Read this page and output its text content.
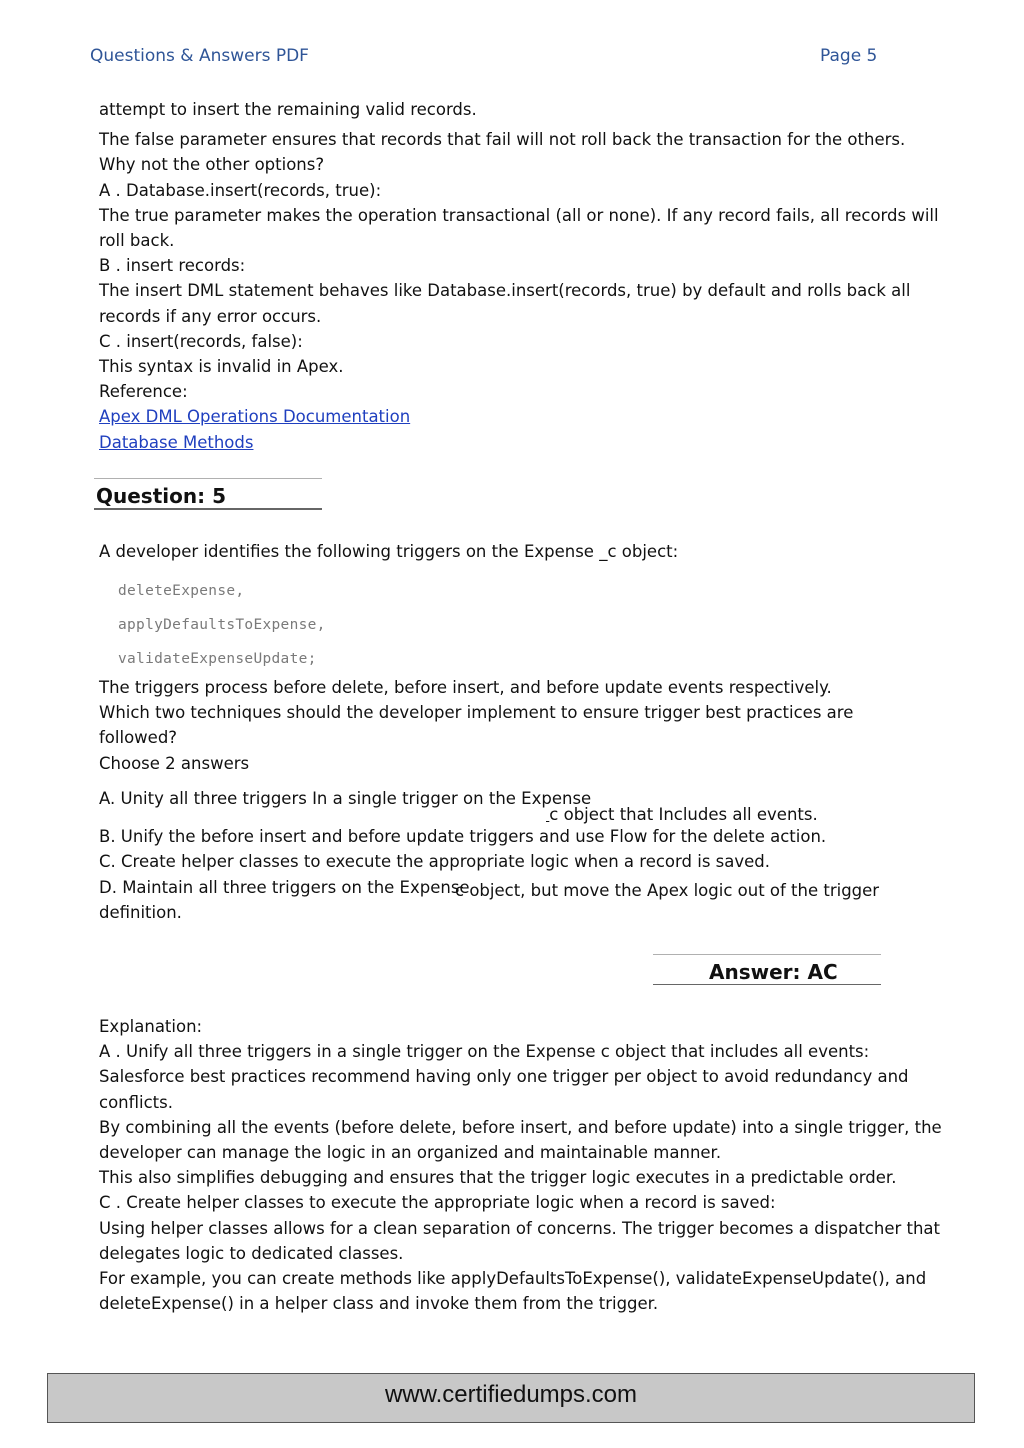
Questions & Answers PDF	Page 5
attempt to insert the remaining valid records.
The false parameter ensures that records that fail will not roll back the transaction for the others.
Why not the other options?
A . Database.insert(records, true):
The true parameter makes the operation transactional (all or none). If any record fails, all records will
roll back.
B . insert records:
The insert DML statement behaves like Database.insert(records, true) by default and rolls back all
records if any error occurs.
C . insert(records, false):
This syntax is invalid in Apex.
Reference:
Apex DML Operations Documentation
Database Methods
Question: 5
A developer identifies the following triggers on the Expense _c object:
deleteExpense,
applyDefaultsToExpense,
validateExpenseUpdate;
The triggers process before delete, before insert, and before update events respectively.
Which two techniques should the developer implement to ensure trigger best practices are
followed?
Choose 2 answers
A. Unity all three triggers In a single trigger on the Expense
  c object that Includes all events.
B. Unify the before insert and before update triggers and use Flow for the delete action.
C. Create helper classes to execute the appropriate logic when a record is saved.
D. Maintain all three triggers on the Expense
c object, but move the Apex logic out of the trigger
definition.
Answer: AC
Explanation:
A . Unify all three triggers in a single trigger on the Expense c object that includes all events:
Salesforce best practices recommend having only one trigger per object to avoid redundancy and
conflicts.
By combining all the events (before delete, before insert, and before update) into a single trigger, the
developer can manage the logic in an organized and maintainable manner.
This also simplifies debugging and ensures that the trigger logic executes in a predictable order.
C . Create helper classes to execute the appropriate logic when a record is saved:
Using helper classes allows for a clean separation of concerns. The trigger becomes a dispatcher that
delegates logic to dedicated classes.
For example, you can create methods like applyDefaultsToExpense(), validateExpenseUpdate(), and
deleteExpense() in a helper class and invoke them from the trigger.
www.certifiedumps.com
